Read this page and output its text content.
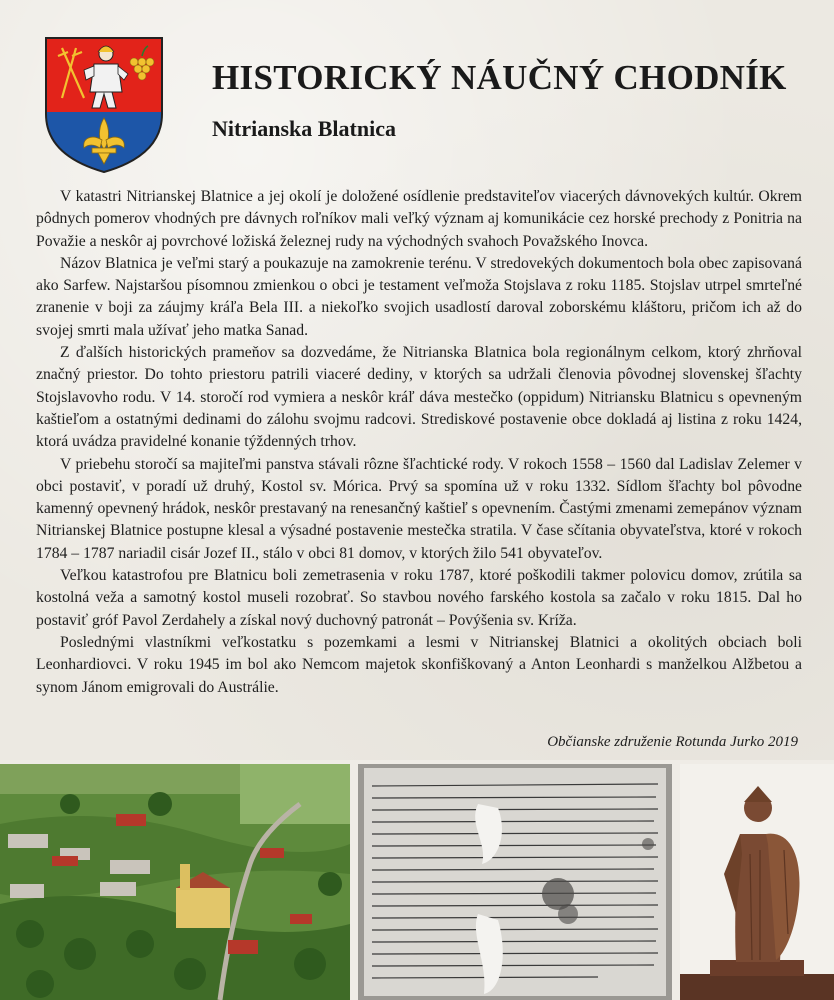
HISTORICKÝ NÁUČNÝ CHODNÍK
Nitrianska Blatnica

V katastri Nitrianskej Blatnice a jej okolí je doložené osídlenie predstaviteľov viacerých dávnovekých kultúr. Okrem pôdnych pomerov vhodných pre dávnych roľníkov mali veľký význam aj komunikácie cez horské prechody z Ponitria na Považie a neskôr aj povrchové ložiská železnej rudy na východných svahoch Považského Inovca.

Názov Blatnica je veľmi starý a poukazuje na zamokrenie terénu. V stredovekých dokumentoch bola obec zapisovaná ako Sarfew. Najstaršou písomnou zmienkou o obci je testament veľmoža Stojslava z roku 1185. Stojslav utrpel smrteľné zranenie v boji za záujmy kráľa Bela III. a niekoľko svojich usadlostí daroval zoborskému kláštoru, pričom ich až do svojej smrti mala užívať jeho matka Sanad.

Z ďalších historických prameňov sa dozvedáme, že Nitrianska Blatnica bola regionálnym celkom, ktorý zhrňoval značný priestor. Do tohto priestoru patrili viaceré dediny, v ktorých sa udržali členovia pôvodnej slovenskej šľachty Stojslavovho rodu. V 14. storočí rod vymiera a neskôr kráľ dáva mestečko (oppidum) Nitriansku Blatnicu s opevneným kaštieľom a ostatnými dedinami do zálohu svojmu radcovi. Strediskové postavenie obce dokladá aj listina z roku 1424, ktorá uvádza pravidelné konanie týždenných trhov.

V priebehu storočí sa majiteľmi panstva stávali rôzne šľachtické rody. V rokoch 1558 – 1560 dal Ladislav Zelemer v obci postaviť, v poradí už druhý, Kostol sv. Mórica. Prvý sa spomína už v roku 1332. Sídlom šľachty bol pôvodne kamenný opevnený hrádok, neskôr prestavaný na renesančný kaštieľ s opevnením. Častými zmenami zemepánov význam Nitrianskej Blatnice postupne klesal a výsadné postavenie mestečka stratila. V čase sčítania obyvateľstva, ktoré v rokoch 1784 – 1787 nariadil cisár Jozef II., stálo v obci 81 domov, v ktorých žilo 541 obyvateľov.

Veľkou katastrofou pre Blatnicu boli zemetrasenia v roku 1787, ktoré poškodili takmer polovicu domov, zrútila sa kostolná veža a samotný kostol museli rozobrať. So stavbou nového farského kostola sa začalo v roku 1815. Dal ho postaviť gróf Pavol Zerdahely a získal nový duchovný patronát – Povýšenia sv. Kríža.

Poslednými vlastníkmi veľkostatku s pozemkami a lesmi v Nitrianskej Blatnici a okolitých obciach boli Leonhardiovci. V roku 1945 im bol ako Nemcom majetok skonfiškovaný a Anton Leonhardi s manželkou Alžbetou a synom Jánom emigrovali do Austrálie.

Občianske združenie Rotunda Jurko 2019
